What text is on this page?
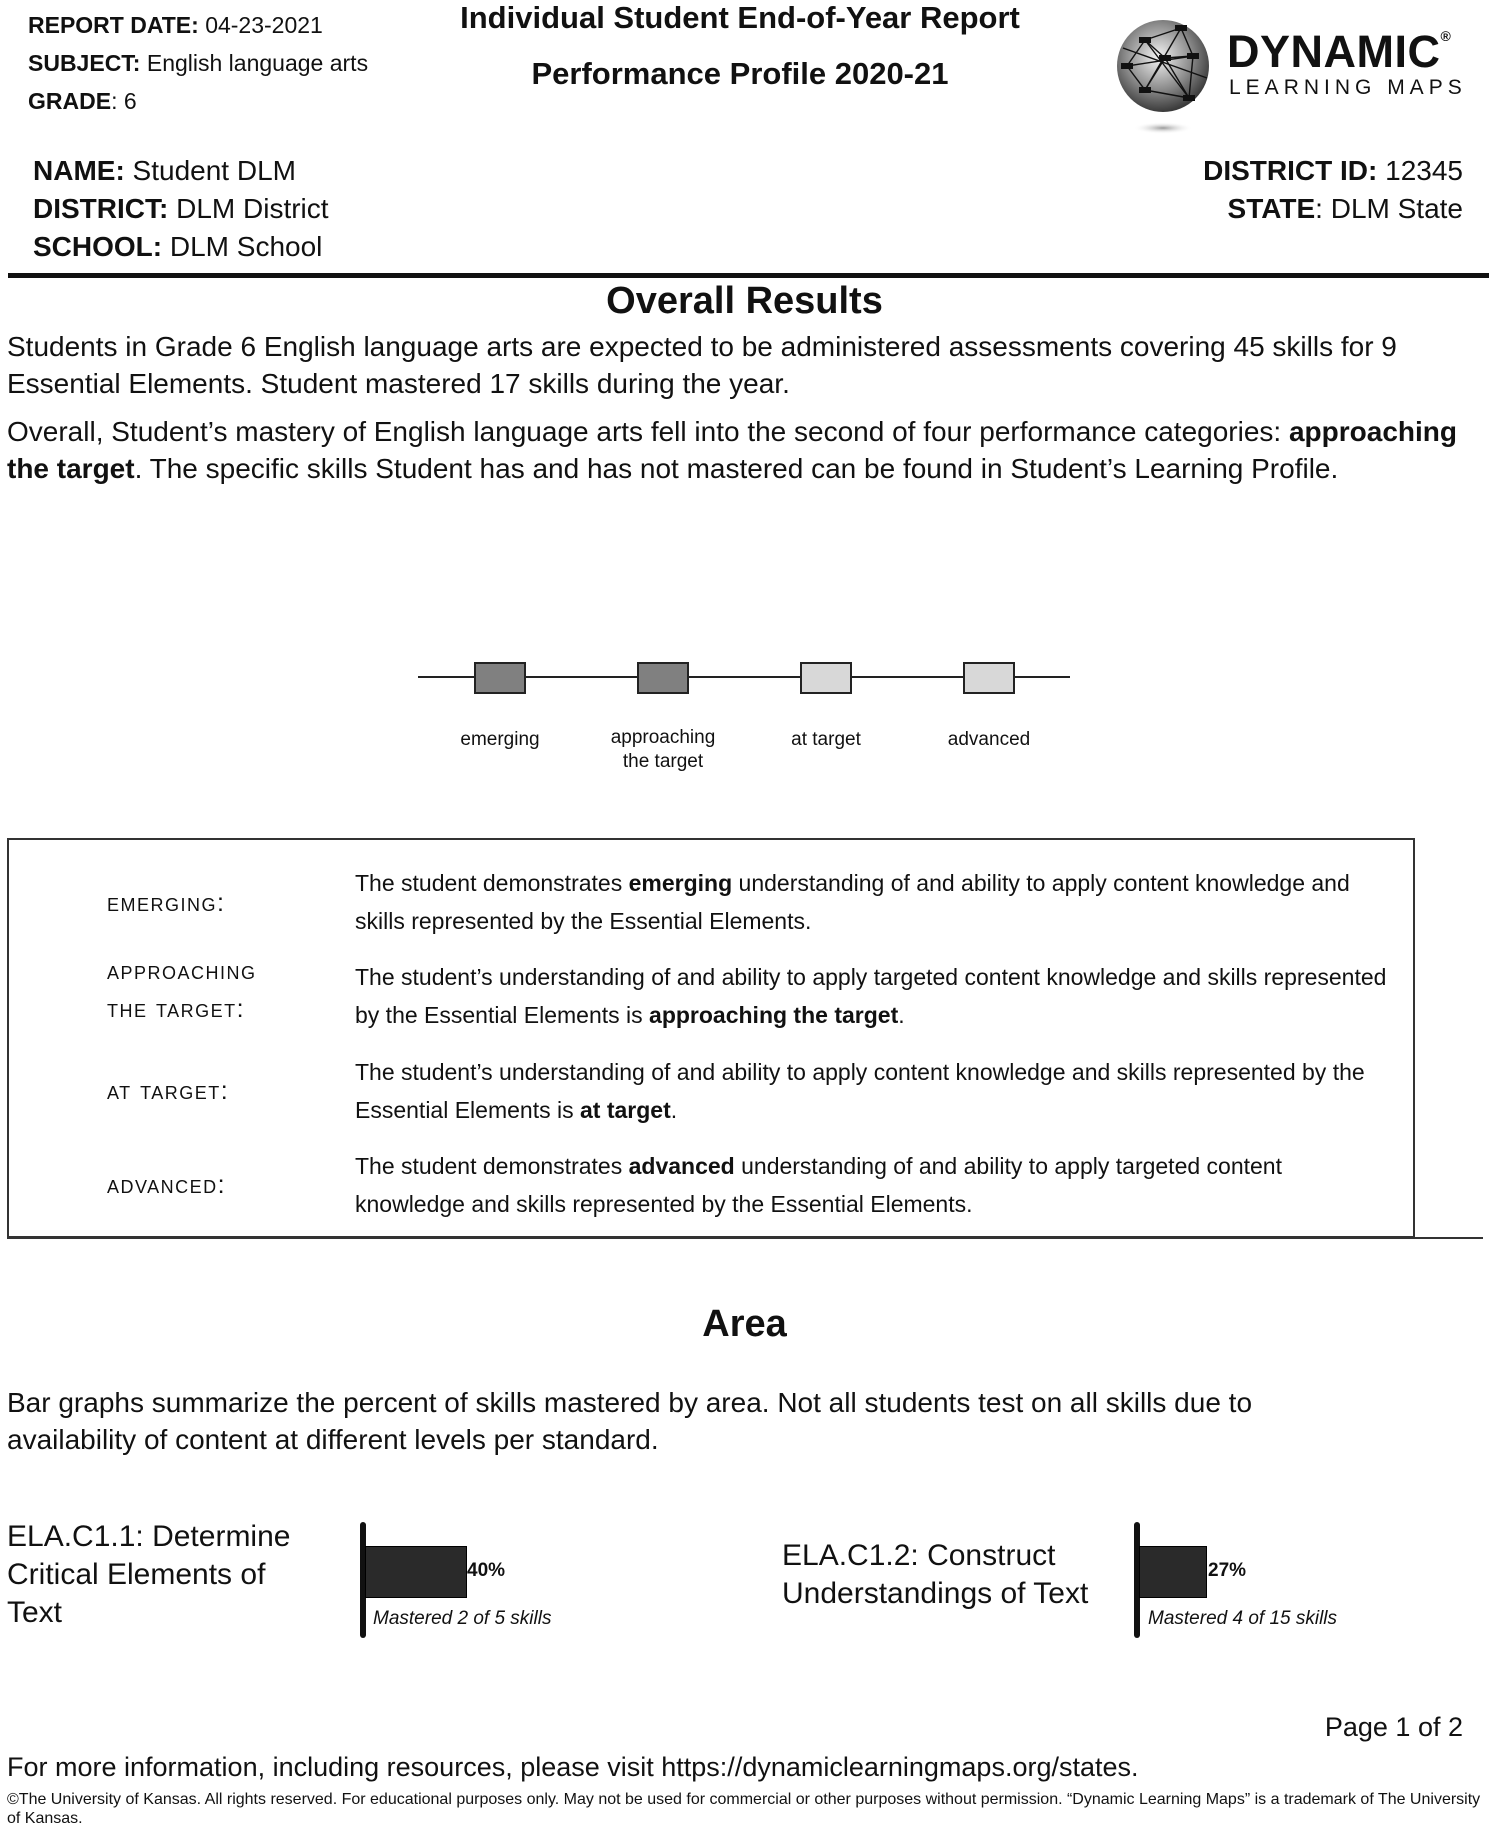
REPORT DATE: 04-23-2021
SUBJECT: English language arts
GRADE: 6
Individual Student End-of-Year Report
Performance Profile 2020-21	DYNAMIC®
LEARNING MAPS
NAME: Student DLM
DISTRICT: DLM District
SCHOOL: DLM School
DISTRICT ID: 12345
STATE: DLM State
Overall Results
Students in Grade 6 English language arts are expected to be administered assessments covering 45 skills for 9 Essential Elements. Student mastered 17 skills during the year.
Overall, Student’s mastery of English language arts fell into the second of four performance categories: approaching the target. The specific skills Student has and has not mastered can be found in Student’s Learning Profile.
emerging	approaching
the target
at target	advanced
emerging:
The student demonstrates emerging understanding of and ability to apply content knowledge and skills represented by the Essential Elements.
approaching
the target:
The student’s understanding of and ability to apply targeted content knowledge and skills represented by the Essential Elements is approaching the target.
at target:
The student’s understanding of and ability to apply content knowledge and skills represented by the Essential Elements is at target.
advanced:
The student demonstrates advanced understanding of and ability to apply targeted content knowledge and skills represented by the Essential Elements.
Area
Bar graphs summarize the percent of skills mastered by area. Not all students test on all skills due to availability of content at different levels per standard.
ELA.C1.1: Determine
Critical Elements of
Text
40%
Mastered 2 of 5 skills
ELA.C1.2: Construct
Understandings of Text
27%
Mastered 4 of 15 skills
Page 1 of 2
For more information, including resources, please visit https://dynamiclearningmaps.org/states.
©The University of Kansas. All rights reserved. For educational purposes only. May not be used for commercial or other purposes without permission. “Dynamic Learning Maps” is a trademark of The University of Kansas.
